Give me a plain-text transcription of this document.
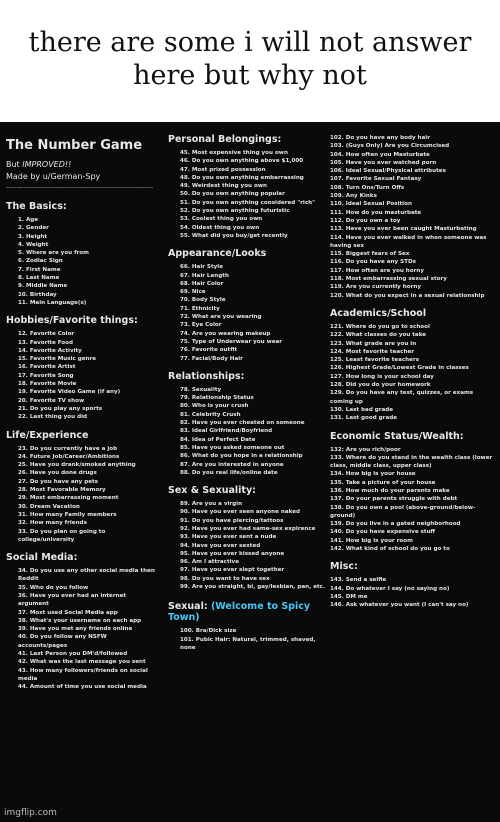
there are some i will not answer here but why not
The Number Game
But IMPROVED!!
Made by u/German-Spy
--------------------------------------------------------------------
The Basics:
1. Age
2. Gender
3. Height
4. Weight
5. Where are you from
6. Zodiac Sign
7. First Name
8. Last Name
9. Middle Name
10. Birthday
11. Main Language(s)
Hobbies/Favorite things:
12. Favorite Color
13. Favorite Food
14. Favorite Activity
15. Favorite Music genre
16. Favorite Artist
17. Favorite Song
18. Favorite Movie
19. Favorite Video Game (if any)
20. Favorite TV show
21. Do you play any sports
22. Last thing you did
Life/Experience
23. Do you currently have a job
24. Future Job/Career/Ambitions
25. Have you drank/smoked anything
26. Have you done drugs
27. Do you have any pets
28. Most Favorable Memory
29. Most embarrassing moment
30. Dream Vacation
31. How many Family members
32. How many friends
33. Do you plan on going to college/university
Social Media:
34. Do you use any other social media then Reddit
35. Who do you follow
36. Have you ever had an internet argument
37. Most used Social Media app
38. What's your username on each app
39. Have you met any friends online
40. Do you follow any NSFW accounts/pages
41. Last Person you DM'd/followed
42. What was the last message you sent
43. How many followers/friends on social media
44. Amount of time you use social media
Personal Belongings:
45. Most expensive thing you own
46. Do you own anything above $1,000
47. Most prized possession
48. Do you own anything embarrassing
49. Weirdest thing you own
50. Do you own anything popular
51. Do you own anything considered "rich"
52. Do you own anything futuristic
53. Coolest thing you own
54. Oldest thing you own
55. What did you buy/get recently
Appearance/Looks
66. Hair Style
67. Hair Length
68. Hair Color
69. Nice
70. Body Style
71. Ethnicity
72. What are you wearing
73. Eye Color
74. Are you wearing makeup
75. Type of Underwear you wear
76. Favorite outfit
77. Facial/Body Hair
Relationships:
78. Sexuality
79. Relationship Status
80. Who is your crush
81. Celebrity Crush
82. Have you ever cheated on someone
83. Ideal Girlfriend/Boyfriend
84. Idea of Perfect Date
85. Have you asked someone out
86. What do you hope in a relationship
87. Are you interested in anyone
88. Do you real life/online date
Sex & Sexuality:
89. Are you a virgin
90. Have you ever seen anyone naked
91. Do you have piercing/tattoos
92. Have you ever had same-sex expirence
93. Have you ever sent a nude
94. Have you ever sexted
95. Have you ever kissed anyone
96. Am I attractive
97. Have you ever slept together
98. Do you want to have sex
99. Are you straight, bi, gay/lesbian, pan, etc.
Sexual: (Welcome to Spicy Town)
100. Bra/Dick size
101. Pubic Hair: Natural, trimmed, shaved, none
102. Do you have any body hair
103. (Guys Only) Are you Circumcised
104. How often you Masturbate
105. Have you ever watched porn
106. Ideal Sexual/Physical attributes
107. Favorite Sexual Fantasy
108. Turn Ons/Turn Offs
109. Any Kinks
110. Ideal Sexual Position
111. How do you masturbate
112. Do you own a toy
113. Have you ever been caught Masturbating
114. Have you ever walked in when someone was having sex
115. Biggest fears of Sex
116. Do you have any STDs
117. How often are you horny
118. Most embarrassing sexual story
119. Are you currently horny
120. What do you expect in a sexual relationship
Academics/School
121. Where do you go to school
122. What classes do you take
123. What grade are you in
124. Most favorite teacher
125. Least favorite teachers
126. Highest Grade/Lowest Grade in classes
127. How long is your school day
128. Did you do your homework
129. Do you have any test, quizzes, or exams coming up
130. Last bad grade
131. Last good grade
Economic Status/Wealth:
132: Are you rich/poor
133. Where do you stand in the wealth class (lower class, middle class, upper class)
134. How big is your house
135. Take a picture of your house
136. How much do your parents make
137. Do your parents struggle with debt
138. Do you own a pool (above-ground/below-ground)
139. Do you live in a gated neighborhood
140. Do you have expensive stuff
141. How big is your room
142. What kind of school do you go to
Misc:
143. Send a selfie
144. Do whatever I say (no saying no)
145. DM me
146. Ask whatever you want (I can't say no)
imgflip.com
